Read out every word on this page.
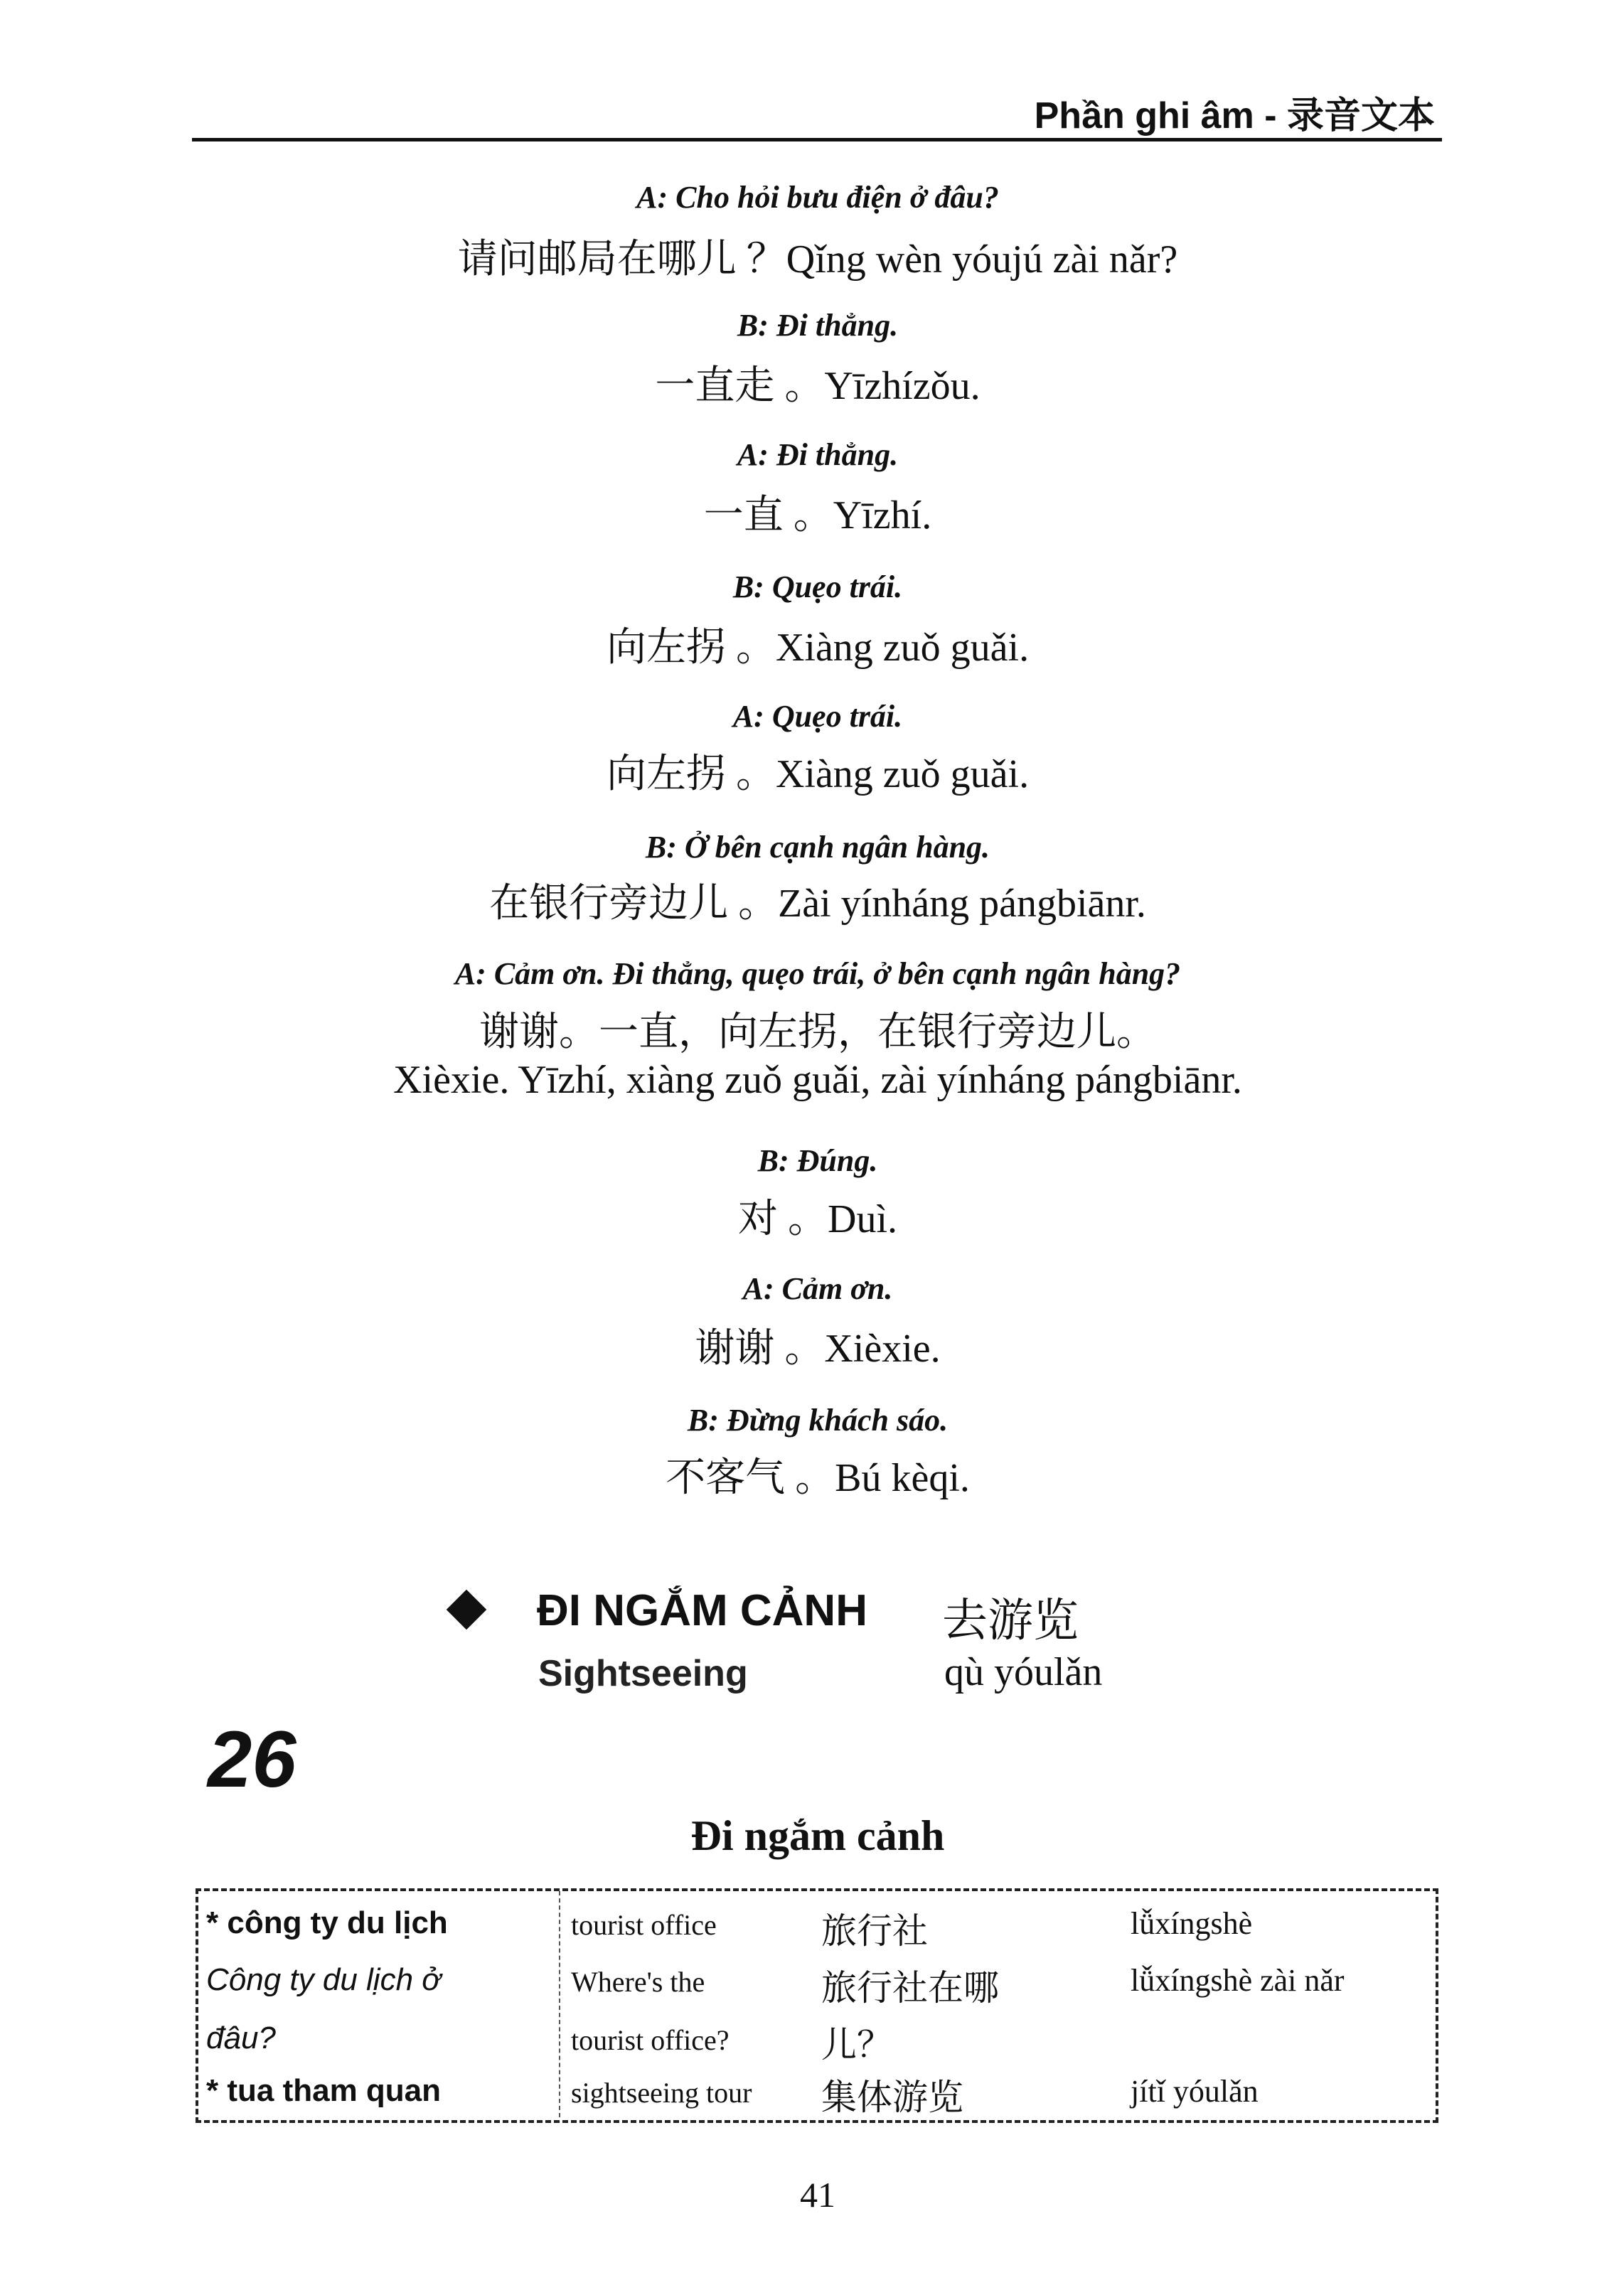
Phần ghi âm - 录音文本
A: Cho hỏi bưu điện ở đâu?
请问邮局在哪儿 ？Qǐng wèn yóujú zài nǎr?
B: Đi thẳng.
一直走 。Yīzhízǒu.
A: Đi thẳng.
一直 。Yīzhí.
B: Quẹo trái.
向左拐 。Xiàng zuǒ guǎi.
A: Quẹo trái.
向左拐 。Xiàng zuǒ guǎi.
B: Ở bên cạnh ngân hàng.
在银行旁边儿 。Zài yínháng pángbiānr.
A: Cảm ơn. Đi thẳng, quẹo trái, ở bên cạnh ngân hàng?
谢谢。一直，向左拐，在银行旁边儿。
Xièxie. Yīzhí, xiàng zuǒ guǎi, zài yínháng pángbiānr.
B: Đúng.
对 。Duì.
A: Cảm ơn.
谢谢 。Xièxie.
B: Đừng khách sáo.
不客气 。Bú kèqi.
ĐI NGẮM CẢNH 去游览
Sightseeing	qù yóulǎn
26
Đi ngắm cảnh
* công ty du lịch	tourist office	旅行社	lǚxíngshè
Công ty du lịch ở	Where's the	旅行社在哪	lǚxíngshè zài nǎr
đâu?	tourist office?	儿？
* tua tham quan	sightseeing tour 集体游览	jítǐ yóulǎn
41
